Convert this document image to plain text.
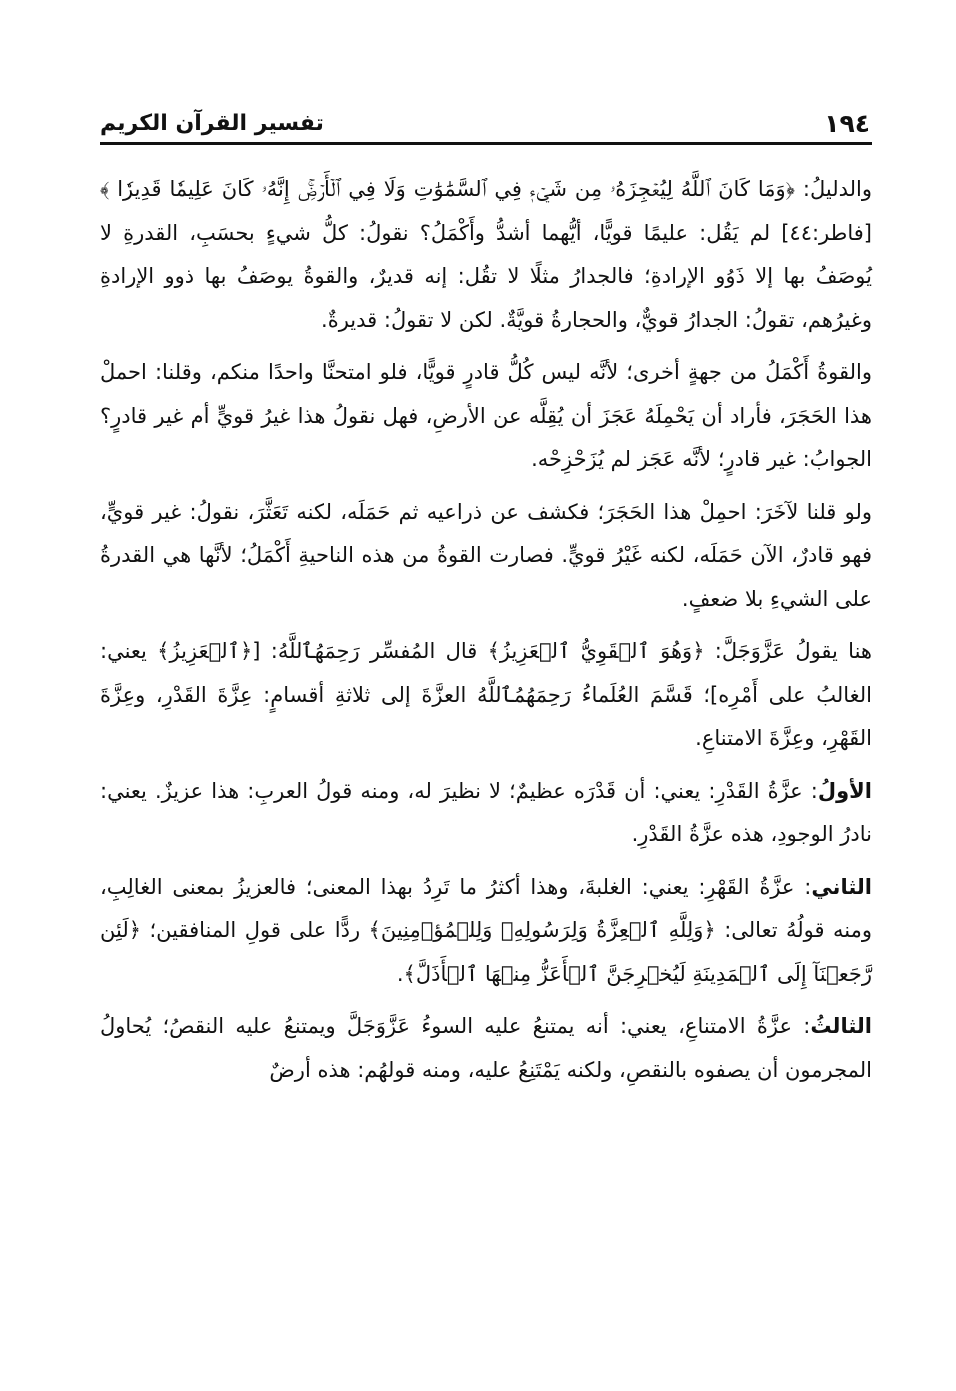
١٩٤
تفسير القرآن الكريم

والدليلُ: ﴿وَمَا كَانَ ٱللَّهُ لِيُعۡجِزَهُۥ مِن شَيۡءٖ فِي ٱلسَّمَٰوَٰتِ وَلَا فِي ٱلۡأَرۡضِۚ إِنَّهُۥ كَانَ عَلِيمٗا قَدِيرٗا ﴾ [فاطر:٤٤] لم يَقُل: عليمًا قويًّا، أيُّهما أشدُّ وأَكْمَلُ؟ نقولُ: كلُّ شيءٍ بحسَبِ، القدرةِ لا يُوصَفُ بها إلا ذَوُو الإرادةِ؛ فالجدارُ مثلًا لا تقُل: إنه قديرٌ، والقوةُ يوصَفُ بها ذوو الإرادةِ وغيرُهم، تقولُ: الجدارُ قويٌّ، والحجارةُ قويَّةٌ. لكن لا تقولُ: قديرةٌ.

والقوةُ أَكْمَلُ من جهةٍ أخرى؛ لأنَّه ليس كُلُّ قادرٍ قويًّا، فلو امتحنَّا واحدًا منكم، وقلنا: احملْ هذا الحَجَرَ، فأراد أن يَحْمِلَهُ عَجَزَ أن يُقِلَّه عن الأرضِ، فهل نقولُ هذا غيرُ قويٍّ أم غير قادرٍ؟ الجوابُ: غير قادرٍ؛ لأنَّه عَجَز لم يُزَحْزِحْه.

ولو قلنا لآخَرَ: احمِلْ هذا الحَجَرَ؛ فكشف عن ذراعيه ثم حَمَلَه، لكنه تَعَثَّرَ، نقولُ: غير قويٍّ، فهو قادرٌ، الآن حَمَلَه، لكنه غَيْرُ قويٍّ. فصارت القوةُ من هذه الناحيةِ أَكْمَلُ؛ لأنَّها هي القدرةُ على الشيءِ بلا ضعفٍ.

هنا يقولُ عَزَّوَجَلَّ: ﴿وَهُوَ ٱلۡقَوِيُّ ٱلۡعَزِيزُ﴾ قال المُفسِّر رَحِمَهُٱللَّهُ: [﴿ٱلۡعَزِيزُ﴾ يعني: الغالبُ على أَمْرِه]؛ قَسَّمَ العُلَماءُ رَحِمَهُمُٱللَّهُ العزَّةَ إلى ثلاثةِ أقسامٍ: عِزَّةَ القَدْرِ، وعِزَّةَ القَهْرِ، وعِزَّةَ الامتناعِ.

الأولُ: عزَّةُ القَدْرِ: يعني: أن قَدْرَه عظيمٌ؛ لا نظيرَ له، ومنه قولُ العربِ: هذا عزيزٌ. يعني: نادرُ الوجودِ، هذه عزَّةُ القَدْرِ.

الثاني: عزَّةُ القَهْرِ: يعني: الغلبةَ، وهذا أكثرُ ما تَرِدُ بهذا المعنى؛ فالعزيزُ بمعنى الغالِبِ، ومنه قولُهُ تعالى: ﴿وَلِلَّهِ ٱلۡعِزَّةُ وَلِرَسُولِهِۦ وَلِلۡمُؤۡمِنِينَ﴾ ردًّا على قولِ المنافقين؛ ﴿لَئِن رَّجَعۡنَآ إِلَى ٱلۡمَدِينَةِ لَيُخۡرِجَنَّ ٱلۡأَعَزُّ مِنۡهَا ٱلۡأَذَلَّ﴾.

الثالثُ: عزَّةُ الامتناعِ، يعني: أنه يمتنعُ عليه السوءُ عَزَّوَجَلَّ ويمتنعُ عليه النقصُ؛ يُحاولُ المجرمون أن يصفوه بالنقصِ، ولكنه يَمْتَنِعُ عليه، ومنه قولهُم: هذه أرضٌ
